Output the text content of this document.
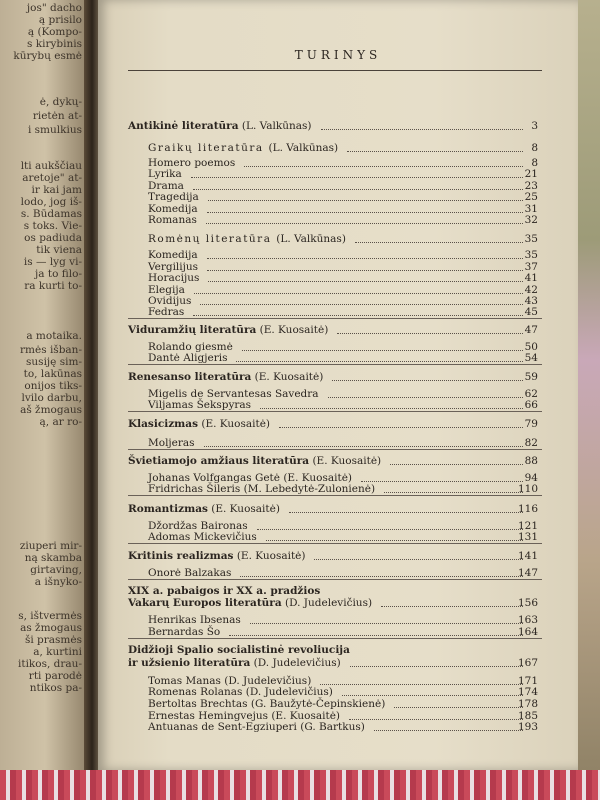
jos" dacho
ą prisilo
ą (Kompo-
s kirybinis
kūrybų esmė
ė, dykų-
rietėn at-
i smulkius
lti aukščiau
aretoje" at-
ir kai jam
lodo, jog iš-
s. Būdamas
s toks. Vie-
os padiuda
tik viena
is — lyg vi-
ja to filo-
ra kurti to-
a motaika.
rmės išban-
susiję sim-
to, lakūnas
onijos tiks-
lvilo darbu,
aš žmogaus
ą, ar ro-
ziuperi mir-
ną skamba
girtaving,
a išnyko-
s, ištvermės
as žmogaus
ši prasmės
a, kurtini
itikos, drau-
rti parodė
ntikos pa-
TURINYS
Antikinė literatūra (L. Valkūnas)	3
Graikų literatūra (L. Valkūnas)	8
Homero poemos	8
Lyrika	21
Drama	23
Tragedija	25
Komedija	31
Romanas	32
Romėnų literatūra (L. Valkūnas)	35
Komedija	35
Vergilijus	37
Horacijus	41
Elegija	42
Ovidijus	43
Fedras	45
Viduramžių literatūra (E. Kuosaitė)	47
Rolando giesmė	50
Dantė Aligjeris	54
Renesanso literatūra (E. Kuosaitė)	59
Migelis de Servantesas Savedra	62
Viljamas Šekspyras	66
Klasicizmas (E. Kuosaitė)	79
Moljeras	82
Švietiamojo amžiaus literatūra (E. Kuosaitė)	88
Johanas Volfgangas Getė (E. Kuosaitė)	94
Fridrichas Šileris (M. Lebedytė-Zulonienė)	110
Romantizmas (E. Kuosaitė)	116
Džordžas Baironas	121
Adomas Mickevičius	131
Kritinis realizmas (E. Kuosaitė)	141
Onorė Balzakas	147
XIX a. pabaigos ir XX a. pradžios
Vakarų Europos literatūra (D. Judelevičius)	156
Henrikas Ibsenas	163
Bernardas Šo	164
Didžioji Spalio socialistinė revoliucija
ir užsienio literatūra (D. Judelevičius)	167
Tomas Manas (D. Judelevičius)	171
Romenas Rolanas (D. Judelevičius)	174
Bertoltas Brechtas (G. Baužytė-Čepinskienė)	178
Ernestas Hemingvejus (E. Kuosaitė)	185
Antuanas de Sent-Egziuperi (G. Bartkus)	193
